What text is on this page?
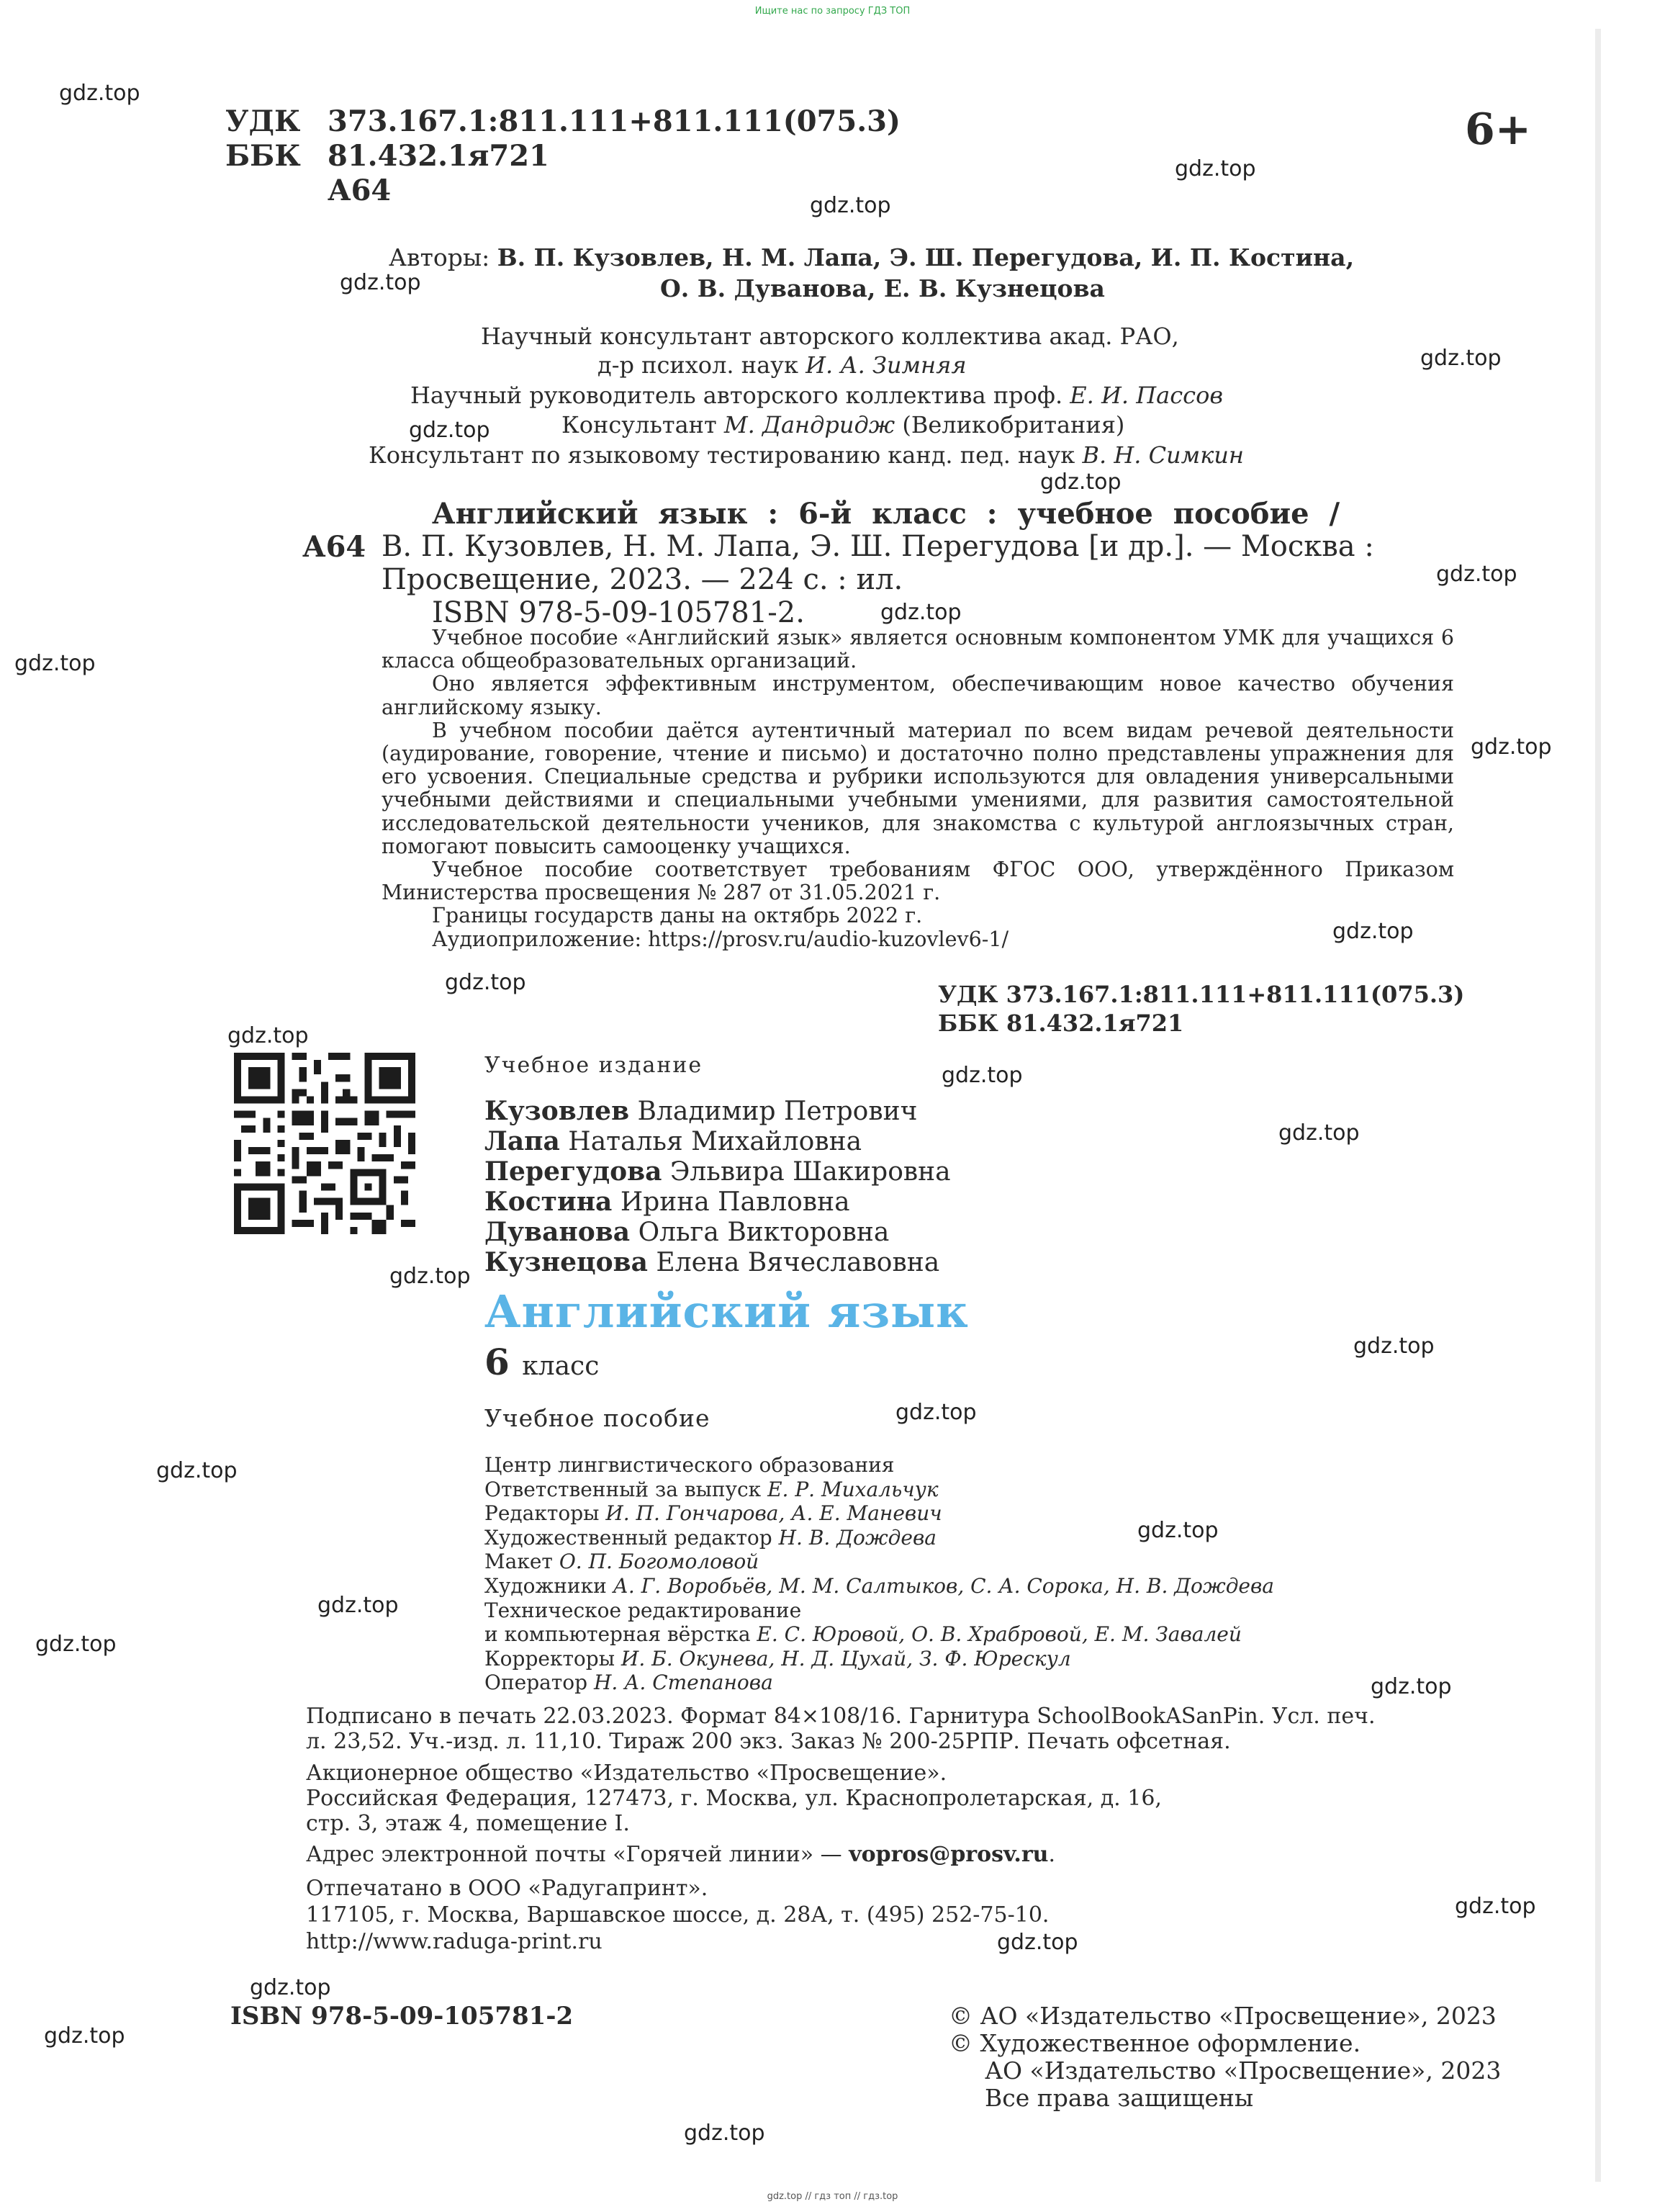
Ищите нас по запросу ГДЗ ТОП
УДК 373.167.1:811.111+811.111(075.3)
ББК 81.432.1я721
А64
6+
Авторы: В. П. Кузовлев, Н. М. Лапа, Э. Ш. Перегудова, И. П. Костина,
О. В. Дуванова, Е. В. Кузнецова
Научный консультант авторского коллектива акад. РАО,
д-р психол. наук И. А. Зимняя
Научный руководитель авторского коллектива проф. Е. И. Пассов
Консультант М. Дандридж (Великобритания)
Консультант по языковому тестированию канд. пед. наук В. Н. Симкин
Английский язык : 6-й класс : учебное пособие /
А64 В. П. Кузовлев, Н. М. Лапа, Э. Ш. Перегудова [и др.]. — Москва :
Просвещение, 2023. — 224 с. : ил.
ISBN 978-5-09-105781-2.

Учебное пособие «Английский язык» является основным компонентом УМК для учащихся 6 класса общеобразовательных организаций.

Оно является эффективным инструментом, обеспечивающим новое качество обучения английскому языку.

В учебном пособии даётся аутентичный материал по всем видам речевой деятельности (аудирование, говорение, чтение и письмо) и достаточно полно представлены упражнения для его усвоения. Специальные средства и рубрики используются для овладения универсальными учебными действиями и специальными учебными умениями, для развития самостоятельной исследовательской деятельности учеников, для знакомства с культурой англоязычных стран, помогают повысить самооценку учащихся.

Учебное пособие соответствует требованиям ФГОС ООО, утверждённого Приказом Министерства просвещения № 287 от 31.05.2021 г.

Границы государств даны на октябрь 2022 г.

Аудиоприложение: https://prosv.ru/audio-kuzovlev6-1/

УДК 373.167.1:811.111+811.111(075.3)
ББК 81.432.1я721
Учебное издание
Кузовлев Владимир Петрович
Лапа Наталья Михайловна
Перегудова Эльвира Шакировна
Костина Ирина Павловна
Дуванова Ольга Викторовна
Кузнецова Елена Вячеславовна
Английский язык
6 класс
Учебное пособие
Центр лингвистического образования
Ответственный за выпуск Е. Р. Михальчук
Редакторы И. П. Гончарова, А. Е. Маневич
Художественный редактор Н. В. Дождева
Макет О. П. Богомоловой
Художники А. Г. Воробьёв, М. М. Салтыков, С. А. Сорока, Н. В. Дождева
Техническое редактирование
и компьютерная вёрстка Е. С. Юровой, О. В. Храбровой, Е. М. Завалей
Корректоры И. Б. Окунева, Н. Д. Цухай, З. Ф. Юрескул
Оператор Н. А. Степанова
Подписано в печать 22.03.2023. Формат 84×108/16. Гарнитура SchoolBookASanPin. Усл. печ.
л. 23,52. Уч.-изд. л. 11,10. Тираж 200 экз. Заказ № 200-25РПР. Печать офсетная.
Акционерное общество «Издательство «Просвещение».
Российская Федерация, 127473, г. Москва, ул. Краснопролетарская, д. 16,
стр. 3, этаж 4, помещение I.
Адрес электронной почты «Горячей линии» — vopros@prosv.ru.
Отпечатано в ООО «Радугапринт».
117105, г. Москва, Варшавское шоссе, д. 28А, т. (495) 252-75-10.
http://www.raduga-print.ru
ISBN 978-5-09-105781-2	© АО «Издательство «Просвещение», 2023
© Художественное оформление.
АО «Издательство «Просвещение», 2023
Все права защищены
gdz.top
gdz.top
gdz.top
gdz.top
gdz.top
gdz.top
gdz.top
gdz.top
gdz.top
gdz.top
gdz.top
gdz.top
gdz.top
gdz.top
gdz.top
gdz.top
gdz.top
gdz.top
gdz.top
gdz.top
gdz.top
gdz.top
gdz.top
gdz.top
gdz.top
gdz.top
gdz.top
gdz.top
gdz.top
gdz.top // гдз топ // гдз.top
